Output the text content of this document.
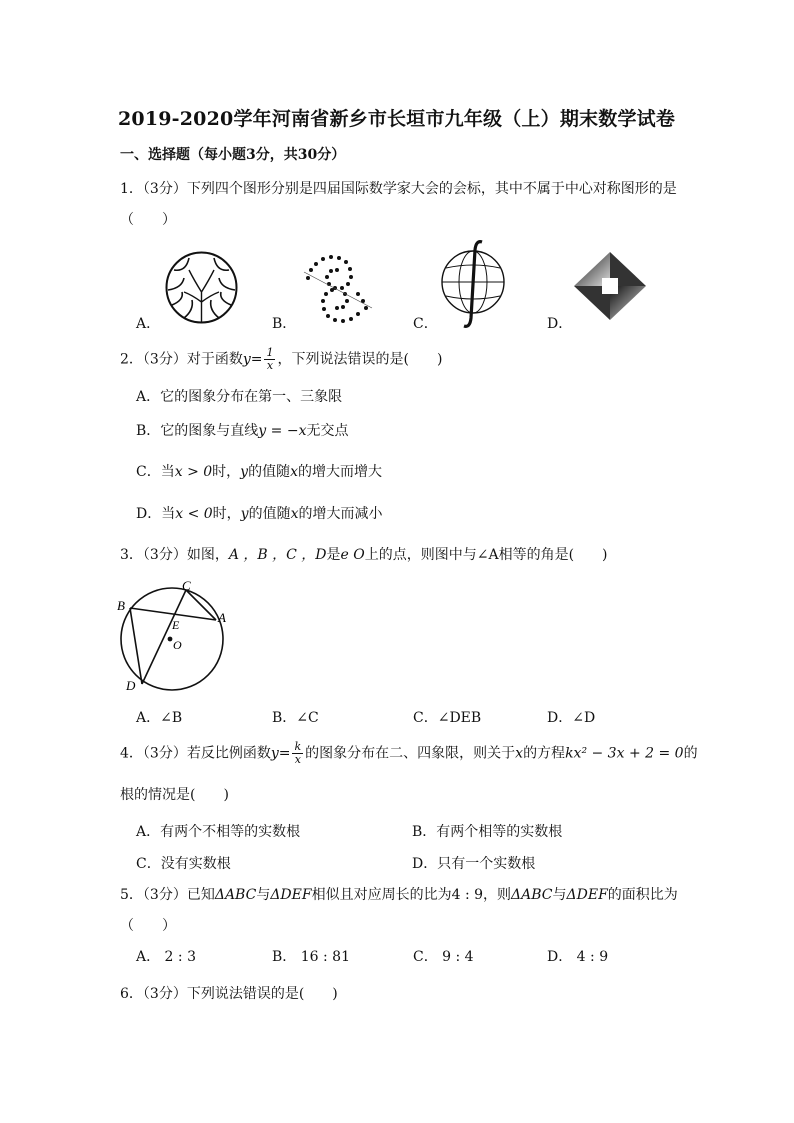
2019-2020学年河南省新乡市长垣市九年级（上）期末数学试卷
一、选择题（每小题3分，共30分）
1．（3分）下列四个图形分别是四届国际数学家大会的会标，其中不属于中心对称图形的是
（　　）
A．	B．	C．	D．
2．（3分）对于函数$y= \frac{1}{x}$ ，下列说法错误的是(　　)
A．它的图象分布在第一、三象限
B．它的图象与直线y = −x无交点
C．当x > 0时，y的值随x的增大而增大
D．当x < 0时，y的值随x的增大而减小
3．（3分）如图，A ，B ，C ，D是e O上的点，则图中与∠A相等的角是(　　)
C
B
A
E
O
D
A．∠B	B．∠C	C．∠DEB	D．∠D
4．（3分）若反比例函数$y= \frac{k}{x}$ 的图象分布在二、四象限，则关于x的方程kx² − 3x + 2 = 0的
根的情况是(　　)
A．有两个不相等的实数根	B．有两个相等的实数根
C．没有实数根	D．只有一个实数根
5．（3分）已知ΔABC与ΔDEF相似且对应周长的比为4 : 9，则ΔABC与ΔDEF的面积比为
（　　）
A． 2 : 3	B． 16 : 81	C． 9 : 4	D． 4 : 9
6．（3分）下列说法错误的是(　　)
